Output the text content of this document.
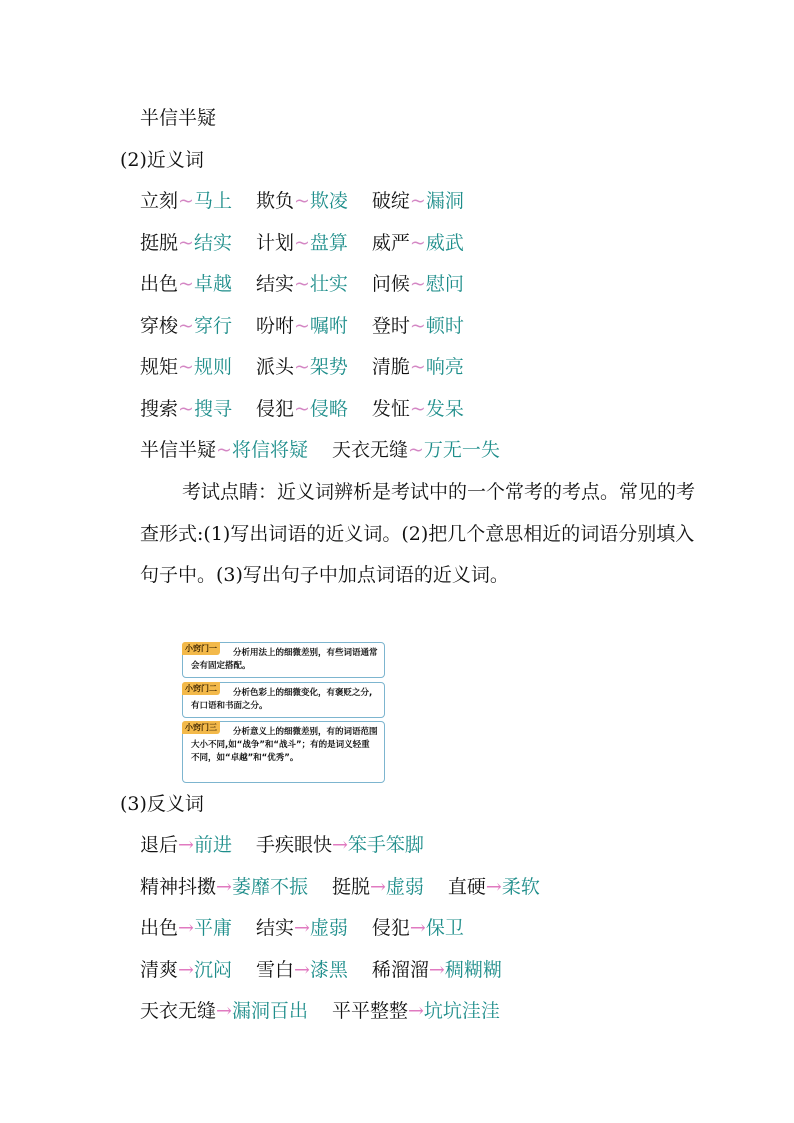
半信半疑
(2)近义词
立刻~马上 欺负~欺凌 破绽~漏洞
挺脱~结实 计划~盘算 威严~威武
出色~卓越 结实~壮实 问候~慰问
穿梭~穿行 吩咐~嘱咐 登时~顿时
规矩~规则 派头~架势 清脆~响亮
搜索~搜寻 侵犯~侵略 发怔~发呆
半信半疑~将信将疑 天衣无缝~万无一失
考试点睛：近义词辨析是考试中的一个常考的考点。常见的考查形式:(1)写出词语的近义词。(2)把几个意思相近的词语分别填入句子中。(3)写出句子中加点词语的近义词。
小窍门一	分析用法上的细微差别，有些词语通常会有固定搭配。
小窍门二	分析色彩上的细微变化，有褒贬之分,有口语和书面之分。
小窍门三	分析意义上的细微差别，有的词语范围大小不同,如“战争”和“战斗”；有的是词义轻重不同，如“卓越”和“优秀”。
(3)反义词
退后→前进 手疾眼快→笨手笨脚
精神抖擞→萎靡不振 挺脱→虚弱 直硬→柔软
出色→平庸 结实→虚弱 侵犯→保卫
清爽→沉闷 雪白→漆黑 稀溜溜→稠糊糊
天衣无缝→漏洞百出 平平整整→坑坑洼洼
